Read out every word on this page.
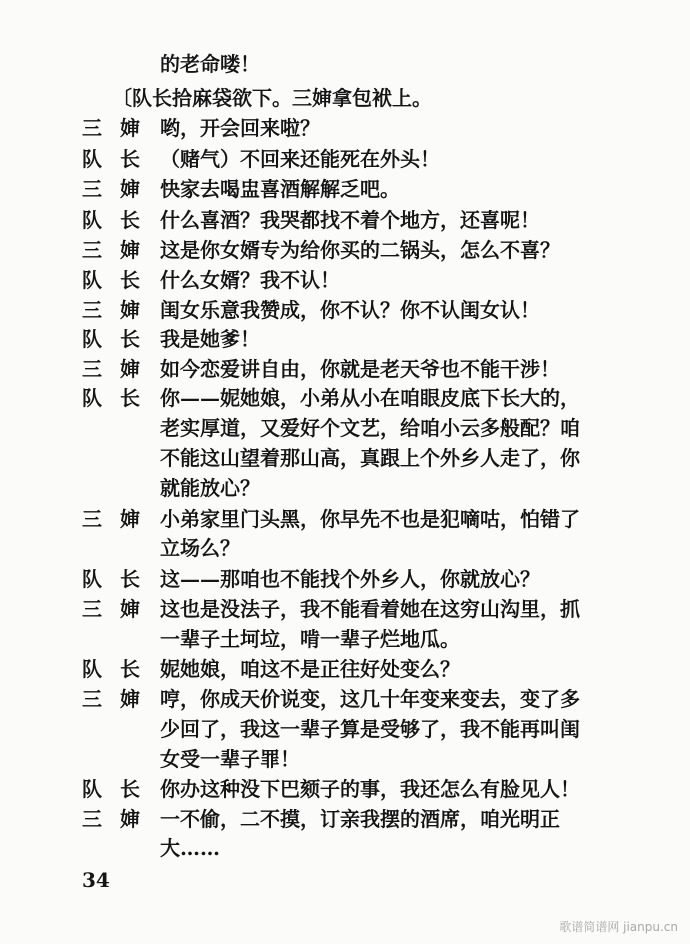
的老命喽！
〔队长拾麻袋欲下。三婶拿包袱上。
三婶 哟，开会回来啦？
队长 （赌气）不回来还能死在外头！
三婶 快家去喝盅喜酒解解乏吧。
队长 什么喜酒？我哭都找不着个地方，还喜呢！
三婶 这是你女婿专为给你买的二锅头，怎么不喜？
队长 什么女婿？我不认！
三婶 闺女乐意我赞成，你不认？你不认闺女认！
队长 我是她爹！
三婶 如今恋爱讲自由，你就是老天爷也不能干涉！
队长 你——妮她娘，小弟从小在咱眼皮底下长大的，
老实厚道，又爱好个文艺，给咱小云多般配？咱
不能这山望着那山高，真跟上个外乡人走了，你
就能放心？
三婶 小弟家里门头黑，你早先不也是犯嘀咕，怕错了
立场么？
队长 这——那咱也不能找个外乡人，你就放心？
三婶 这也是没法子，我不能看着她在这穷山沟里，抓
一辈子土坷垃，啃一辈子烂地瓜。
队长 妮她娘，咱这不是正往好处变么？
三婶 哼，你成天价说变，这几十年变来变去，变了多
少回了，我这一辈子算是受够了，我不能再叫闺
女受一辈子罪！
队长 你办这种没下巴颏子的事，我还怎么有脸见人！
三婶 一不偷，二不摸，订亲我摆的酒席，咱光明正
大……
34
歌谱简谱网 jianpu.cn
